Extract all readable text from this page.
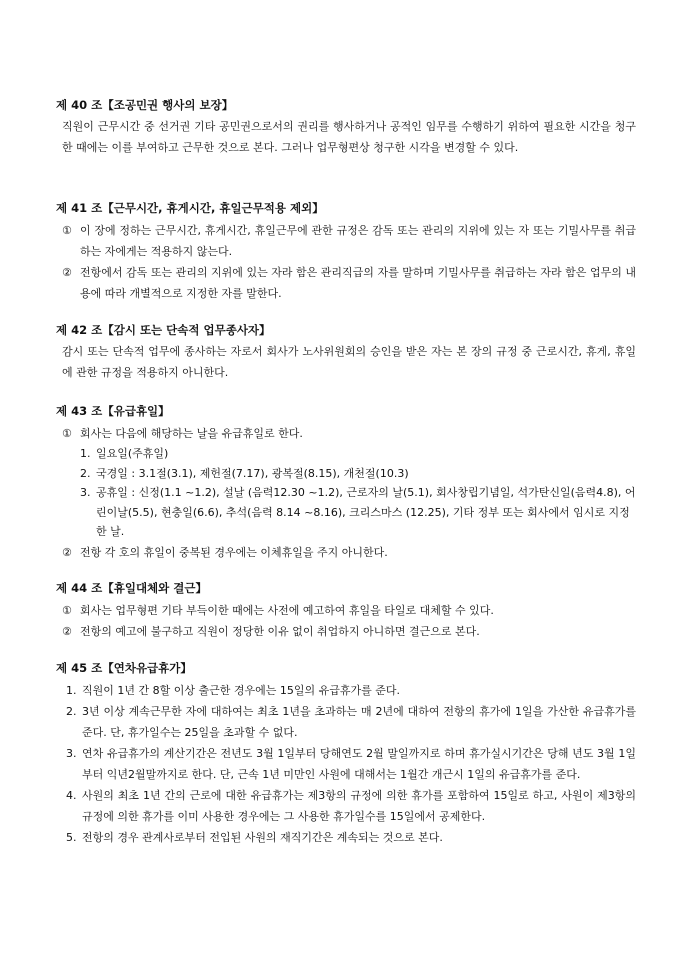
제 40 조【조공민권 행사의 보장】
직원이 근무시간 중 선거권 기타 공민권으로서의 권리를 행사하거나 공적인 임무를 수행하기 위하여 필요한 시간을 청구한 때에는 이를 부여하고 근무한 것으로 본다. 그러나 업무형편상 청구한 시각을 변경할 수 있다.
제 41 조【근무시간, 휴게시간, 휴일근무적용 제외】
① 이 장에 정하는 근무시간, 휴게시간, 휴일근무에 관한 규정은 감독 또는 관리의 지위에 있는 자 또는 기밀사무를 취급하는 자에게는 적용하지 않는다.
② 전항에서 감독 또는 관리의 지위에 있는 자라 함은 관리직급의 자를 말하며 기밀사무를 취급하는 자라 함은 업무의 내용에 따라 개별적으로 지정한 자를 말한다.
제 42 조【감시 또는 단속적 업무종사자】
감시 또는 단속적 업무에 종사하는 자로서 회사가 노사위원회의 승인을 받은 자는 본 장의 규정 중 근로시간, 휴게, 휴일에 관한 규정을 적용하지 아니한다.
제 43 조【유급휴일】
① 회사는 다음에 해당하는 날을 유급휴일로 한다.
1. 일요일(주휴일)
2. 국경일 : 3.1절(3.1), 제헌절(7.17), 광복절(8.15), 개천절(10.3)
3. 공휴일 : 신정(1.1 ~1.2), 설날 (음력12.30 ~1.2), 근로자의 날(5.1), 회사창립기념일, 석가탄신일(음력4.8), 어린이날(5.5), 현충일(6.6), 추석(음력 8.14 ~8.16), 크리스마스 (12.25), 기타 정부 또는 회사에서 임시로 지정한 날.
② 전항 각 호의 휴일이 중복된 경우에는 이체휴일을 주지 아니한다.
제 44 조【휴일대체와 결근】
① 회사는 업무형편 기타 부득이한 때에는 사전에 예고하여 휴일을 타일로 대체할 수 있다.
② 전항의 예고에 불구하고 직원이 정당한 이유 없이 취업하지 아니하면 결근으로 본다.
제 45 조【연차유급휴가】
1. 직원이 1년 간 8할 이상 출근한 경우에는 15일의 유급휴가를 준다.
2. 3년 이상 계속근무한 자에 대하여는 최초 1년을 초과하는 매 2년에 대하여 전항의 휴가에 1일을 가산한 유급휴가를 준다. 단, 휴가일수는 25일을 초과할 수 없다.
3. 연차 유급휴가의 계산기간은 전년도 3월 1일부터 당해연도 2월 말일까지로 하며 휴가실시기간은 당해 년도 3월 1일부터 익년2월말까지로 한다. 단, 근속 1년 미만인 사원에 대해서는 1월간 개근시 1일의 유급휴가를 준다.
4. 사원의 최초 1년 간의 근로에 대한 유급휴가는 제3항의 규정에 의한 휴가를 포함하여 15일로 하고, 사원이 제3항의 규정에 의한 휴가를 이미 사용한 경우에는 그 사용한 휴가일수를 15일에서 공제한다.
5. 전항의 경우 관계사로부터 전입된 사원의 재직기간은 계속되는 것으로 본다.
